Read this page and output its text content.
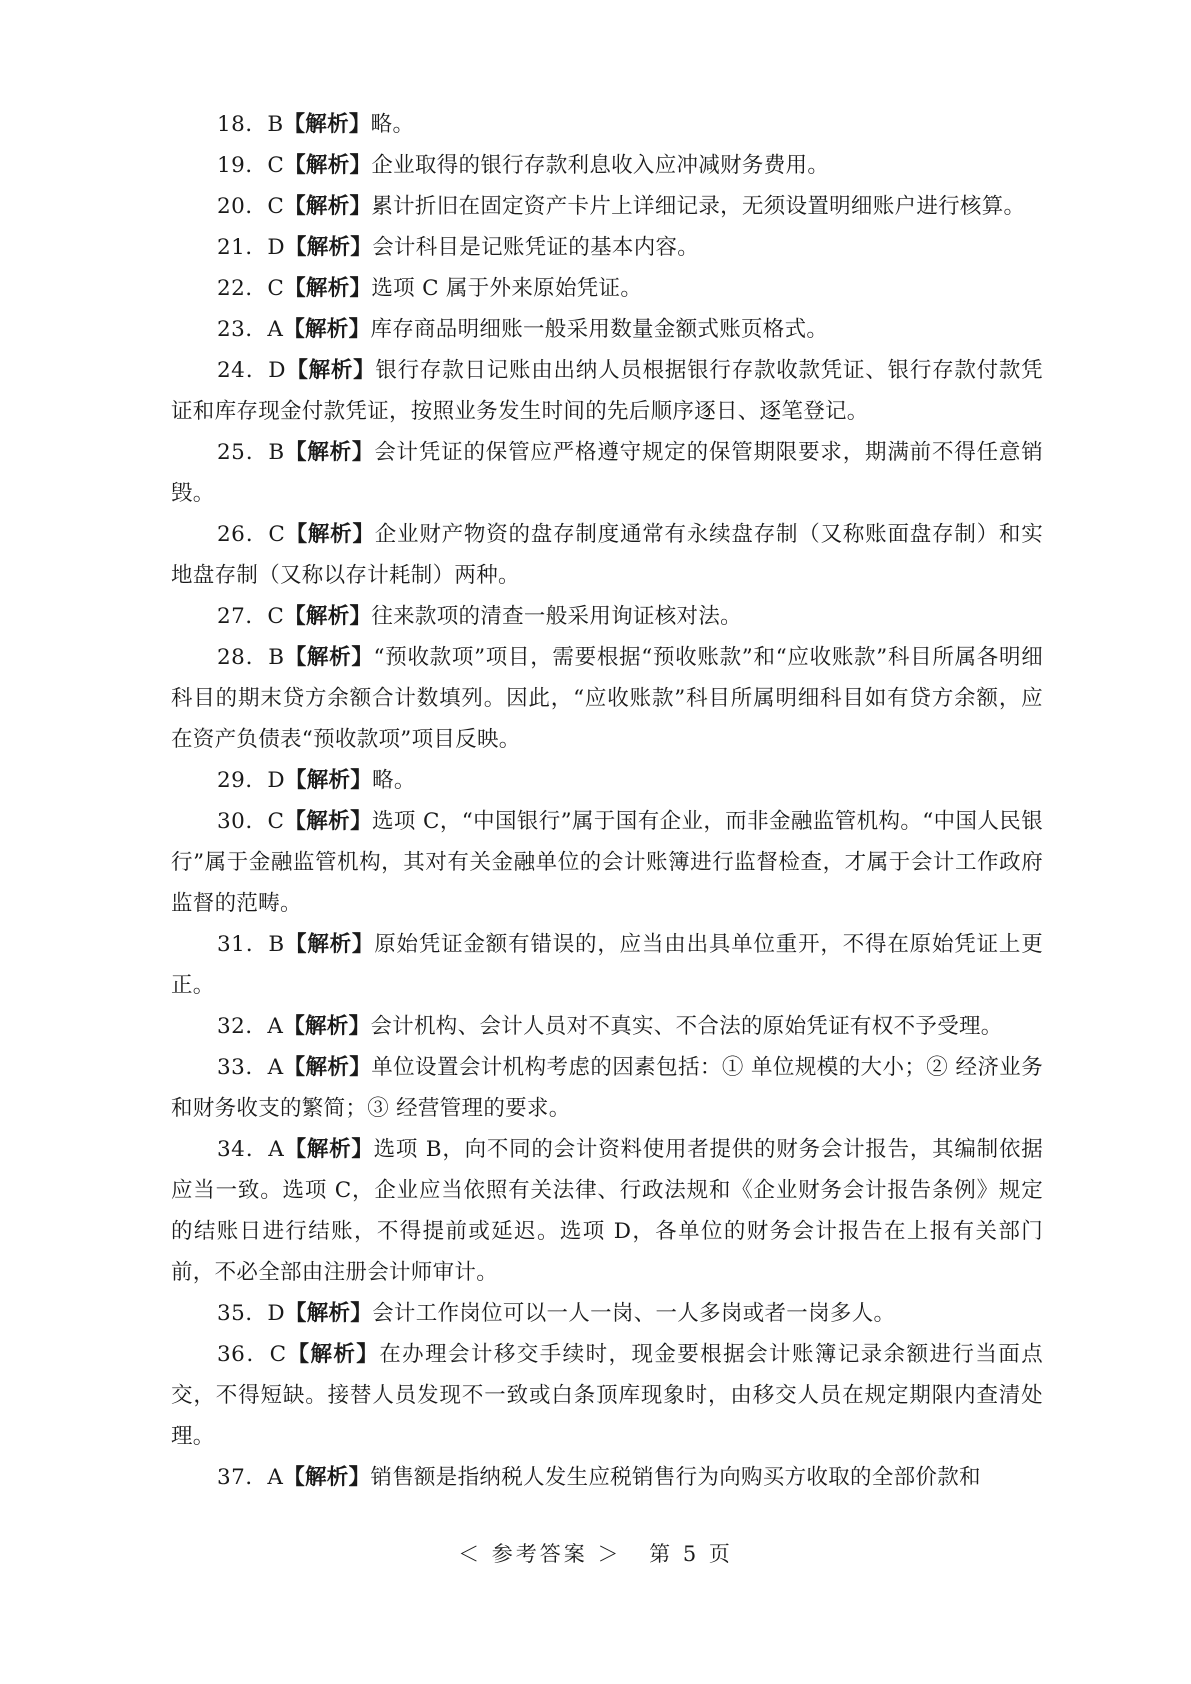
18．B【解析】略。

19．C【解析】企业取得的银行存款利息收入应冲减财务费用。

20．C【解析】累计折旧在固定资产卡片上详细记录，无须设置明细账户进行核算。

21．D【解析】会计科目是记账凭证的基本内容。

22．C【解析】选项 C 属于外来原始凭证。

23．A【解析】库存商品明细账一般采用数量金额式账页格式。

24．D【解析】银行存款日记账由出纳人员根据银行存款收款凭证、银行存款付款凭证和库存现金付款凭证，按照业务发生时间的先后顺序逐日、逐笔登记。

25．B【解析】会计凭证的保管应严格遵守规定的保管期限要求，期满前不得任意销毁。

26．C【解析】企业财产物资的盘存制度通常有永续盘存制（又称账面盘存制）和实地盘存制（又称以存计耗制）两种。

27．C【解析】往来款项的清查一般采用询证核对法。

28．B【解析】“预收款项”项目，需要根据“预收账款”和“应收账款”科目所属各明细科目的期末贷方余额合计数填列。因此，“应收账款”科目所属明细科目如有贷方余额，应在资产负债表“预收款项”项目反映。

29．D【解析】略。

30．C【解析】选项 C，“中国银行”属于国有企业，而非金融监管机构。“中国人民银行”属于金融监管机构，其对有关金融单位的会计账簿进行监督检查，才属于会计工作政府监督的范畴。

31．B【解析】原始凭证金额有错误的，应当由出具单位重开，不得在原始凭证上更正。

32．A【解析】会计机构、会计人员对不真实、不合法的原始凭证有权不予受理。

33．A【解析】单位设置会计机构考虑的因素包括：① 单位规模的大小；② 经济业务和财务收支的繁简；③ 经营管理的要求。

34．A【解析】选项 B，向不同的会计资料使用者提供的财务会计报告，其编制依据应当一致。选项 C，企业应当依照有关法律、行政法规和《企业财务会计报告条例》规定的结账日进行结账，不得提前或延迟。选项 D，各单位的财务会计报告在上报有关部门前，不必全部由注册会计师审计。

35．D【解析】会计工作岗位可以一人一岗、一人多岗或者一岗多人。

36．C【解析】在办理会计移交手续时，现金要根据会计账簿记录余额进行当面点交，不得短缺。接替人员发现不一致或白条顶库现象时，由移交人员在规定期限内查清处理。

37．A【解析】销售额是指纳税人发生应税销售行为向购买方收取的全部价款和

＜ 参考答案 ＞ 第 5 页
